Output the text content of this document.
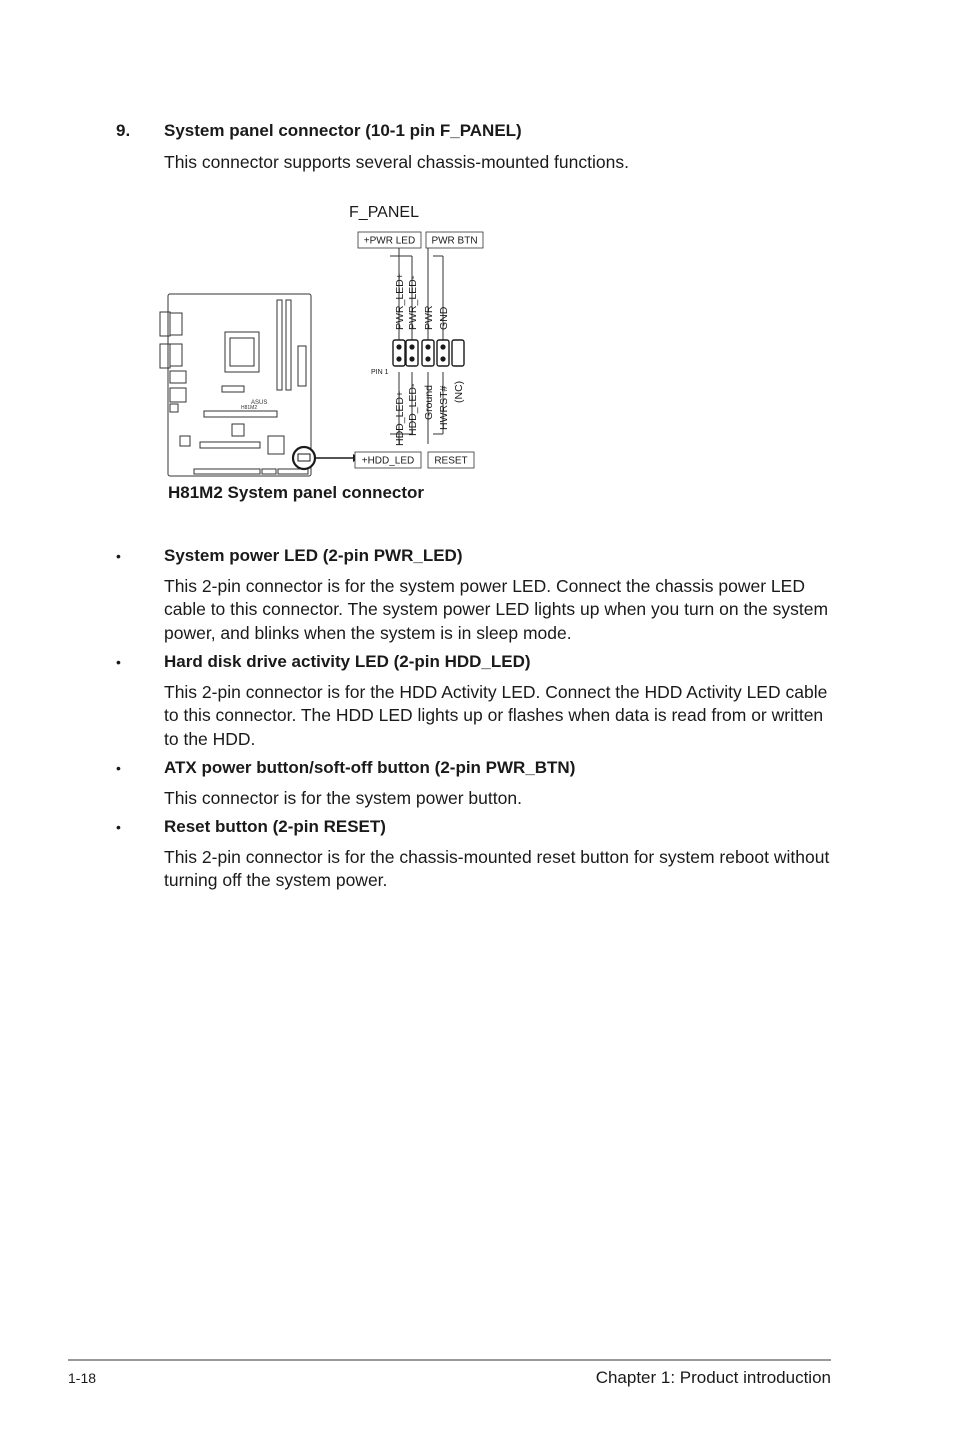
9. System panel connector (10-1 pin F_PANEL)
This connector supports several chassis-mounted functions.
F_PANEL
ASUS
H81M2
+PWR LED PWR BTN
+HDD_LED RESET
PIN 1
PWR_LED+ PWR_LED- PWR GND
HDD_LED+ HDD_LED- Ground HWRST# (NC)
H81M2 System panel connector
•	System power LED (2-pin PWR_LED)
This 2-pin connector is for the system power LED. Connect the chassis power LED cable to this connector. The system power LED lights up when you turn on the system power, and blinks when the system is in sleep mode.
•	Hard disk drive activity LED (2-pin HDD_LED)
This 2-pin connector is for the HDD Activity LED. Connect the HDD Activity LED cable to this connector. The HDD LED lights up or flashes when data is read from or written to the HDD.
•	ATX power button/soft-off button (2-pin PWR_BTN)
This connector is for the system power button.
•	Reset button (2-pin RESET)
This 2-pin connector is for the chassis-mounted reset button for system reboot without turning off the system power.
1-18	Chapter 1: Product introduction
